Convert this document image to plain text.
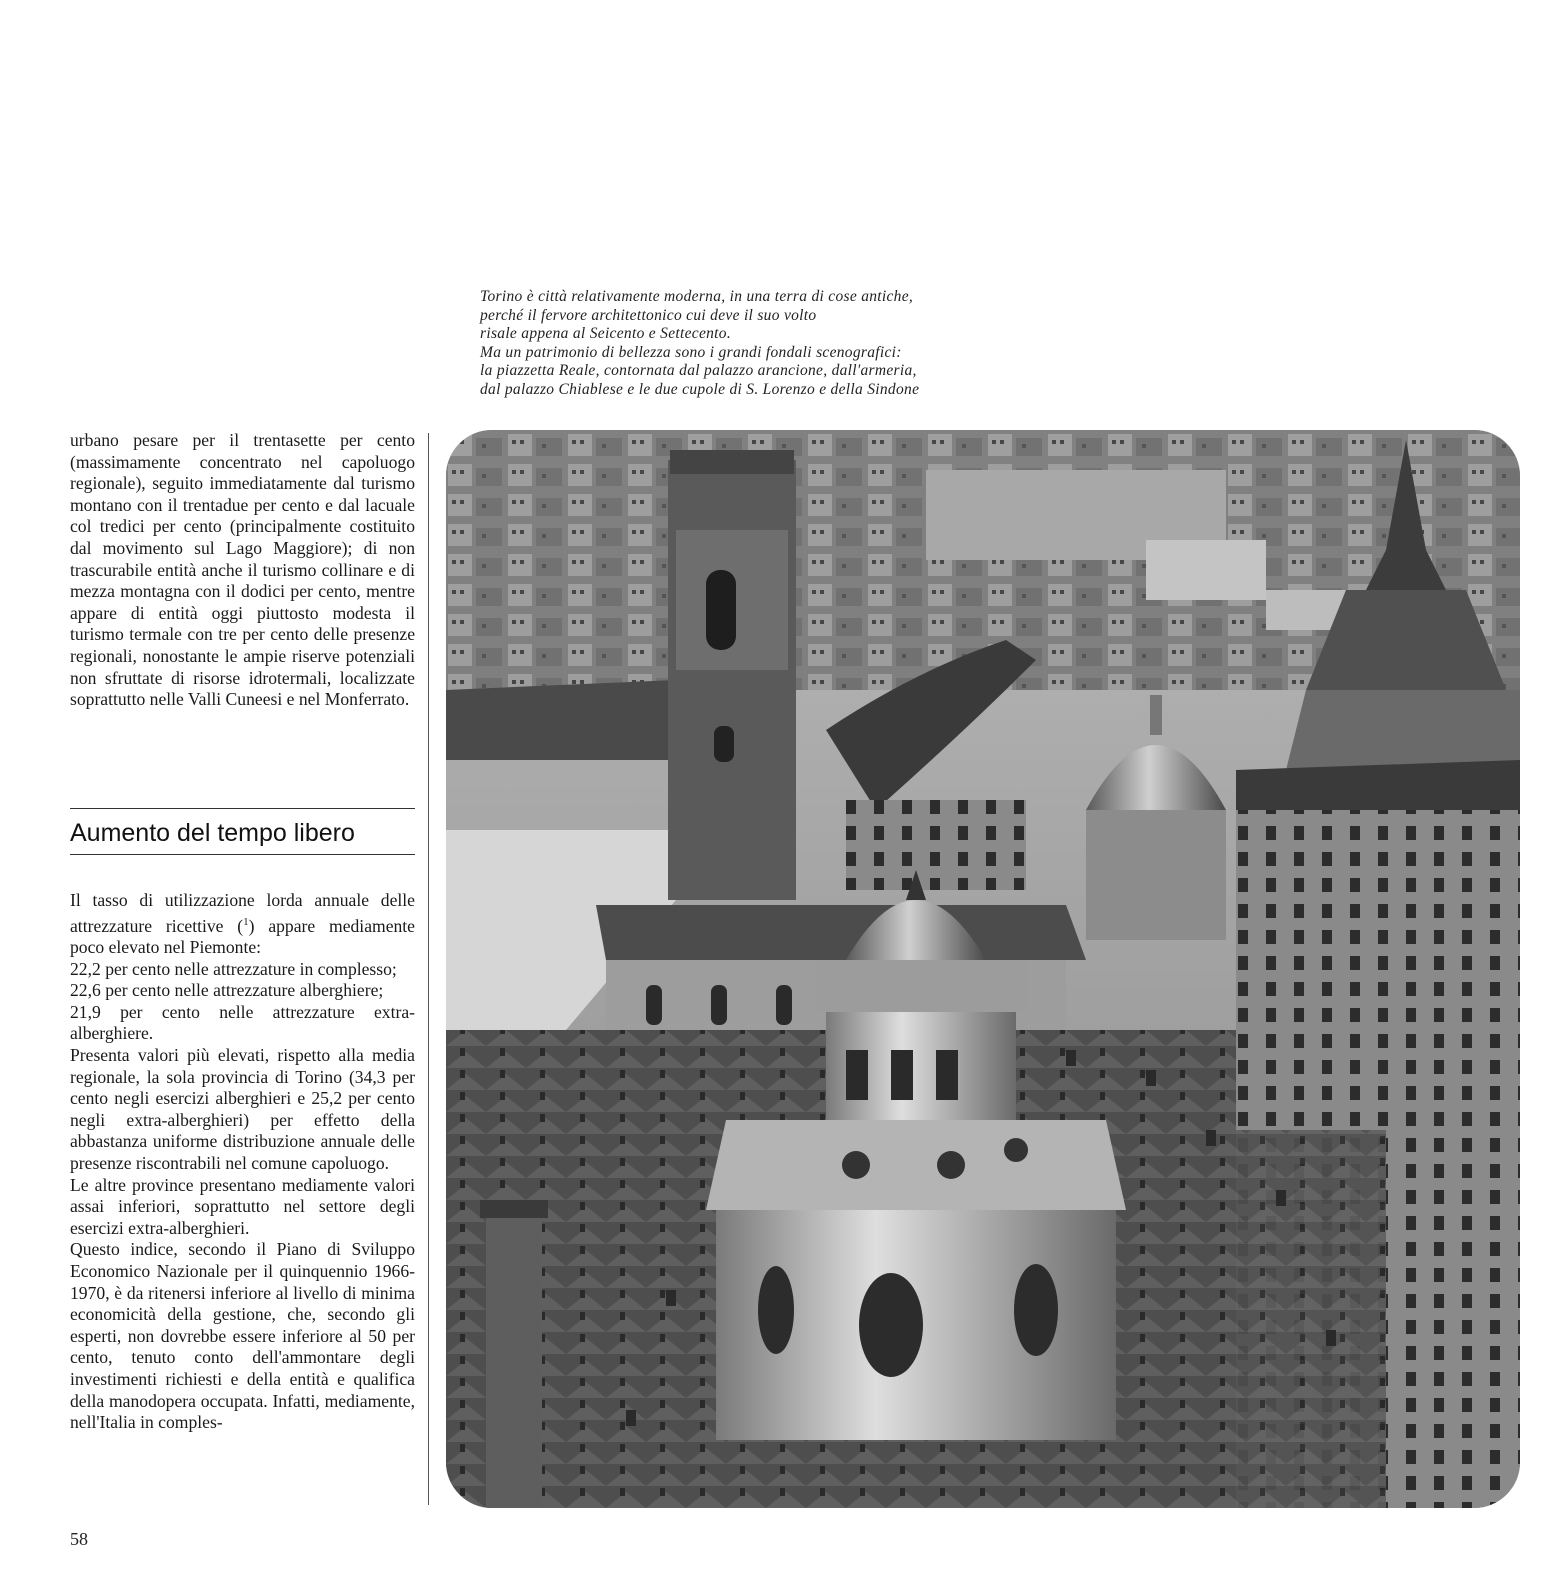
Torino è città relativamente moderna, in una terra di cose antiche,
perché il fervore architettonico cui deve il suo volto
risale appena al Seicento e Settecento.
Ma un patrimonio di bellezza sono i grandi fondali scenografici:
la piazzetta Reale, contornata dal palazzo arancione, dall'armeria,
dal palazzo Chiablese e le due cupole di S. Lorenzo e della Sindone

urbano pesare per il trentasette per cento (massimamente concentrato nel capoluogo regionale), seguito immediatamente dal turismo montano con il trentadue per cento e dal lacuale col tredici per cento (principalmente costituito dal movimento sul Lago Maggiore); di non trascurabile entità anche il turismo collinare e di mezza montagna con il dodici per cento, mentre appare di entità oggi piuttosto modesta il turismo termale con tre per cento delle presenze regionali, nonostante le ampie riserve potenziali non sfruttate di risorse idrotermali, localizzate soprattutto nelle Valli Cuneesi e nel Monferrato.

Aumento del tempo libero

Il tasso di utilizzazione lorda annuale delle attrezzature ricettive ($^1$) appare mediamente poco elevato nel Piemonte:

22,2 per cento nelle attrezzature in complesso;

22,6 per cento nelle attrezzature alberghiere;

21,9 per cento nelle attrezzature extra-alberghiere.

Presenta valori più elevati, rispetto alla media regionale, la sola provincia di Torino (34,3 per cento negli esercizi alberghieri e 25,2 per cento negli extra-alberghieri) per effetto della abbastanza uniforme distribuzione annuale delle presenze riscontrabili nel comune capoluogo.

Le altre province presentano mediamente valori assai inferiori, soprattutto nel settore degli esercizi extra-alberghieri.

Questo indice, secondo il Piano di Sviluppo Economico Nazionale per il quinquennio 1966-1970, è da ritenersi inferiore al livello di minima economicità della gestione, che, secondo gli esperti, non dovrebbe essere inferiore al 50 per cento, tenuto conto dell'ammontare degli investimenti richiesti e della entità e qualifica della manodopera occupata. Infatti, mediamente, nell'Italia in comples-

58
